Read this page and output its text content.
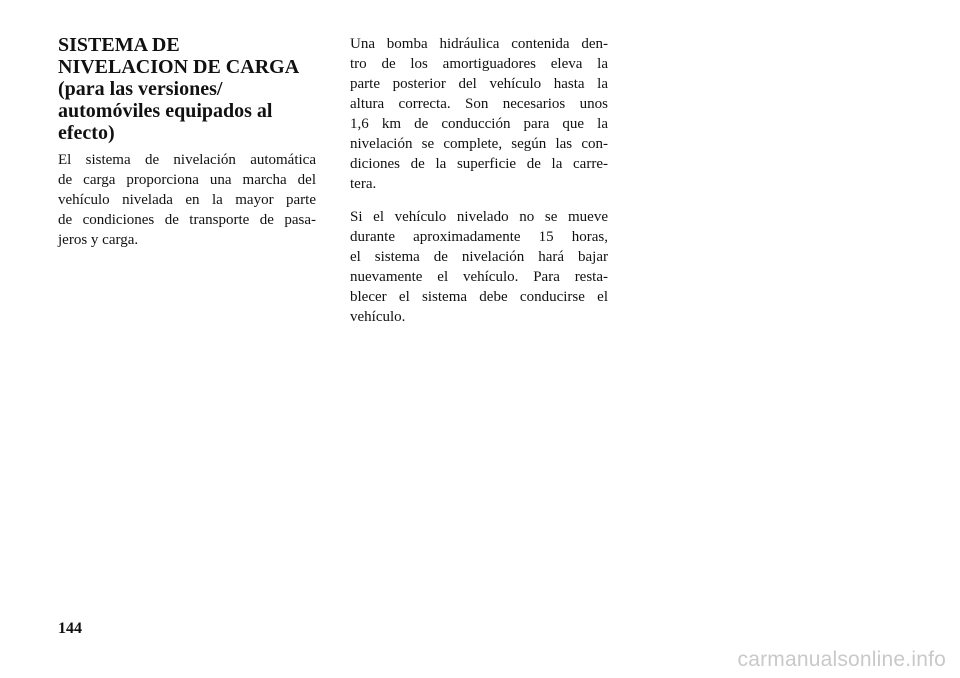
SISTEMA DE
NIVELACION DE CARGA
(para las versiones/
automóviles equipados al
efecto)

El sistema de nivelación automática
de carga proporciona una marcha del
vehículo nivelada en la mayor parte
de condiciones de transporte de pasa-
jeros y carga.

Una bomba hidráulica contenida den-
tro de los amortiguadores eleva la
parte posterior del vehículo hasta la
altura correcta. Son necesarios unos
1,6 km de conducción para que la
nivelación se complete, según las con-
diciones de la superficie de la carre-
tera.

Si el vehículo nivelado no se mueve
durante aproximadamente 15 horas,
el sistema de nivelación hará bajar
nuevamente el vehículo. Para resta-
blecer el sistema debe conducirse el
vehículo.

144
carmanualsonline.info
